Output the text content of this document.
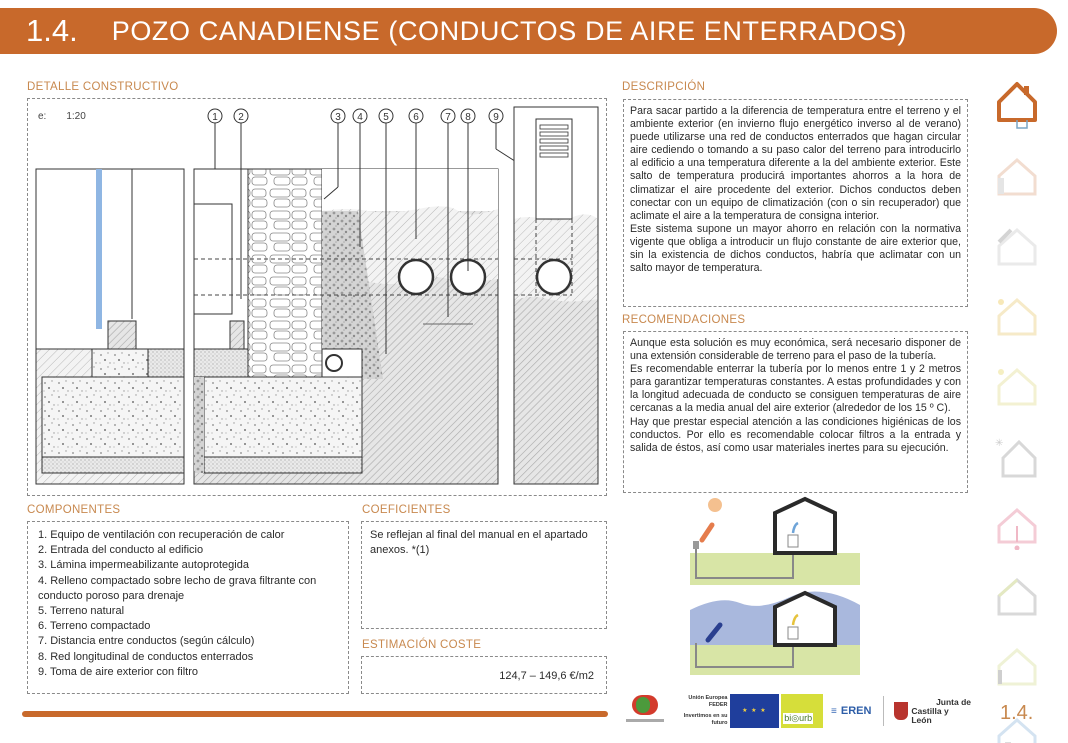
1.4. POZO CANADIENSE (CONDUCTOS DE AIRE ENTERRADOS)
DETALLE CONSTRUCTIVO
e: 1:20	1 2	3 4 5 6	7 8 9
DESCRIPCIÓN

Para sacar partido a la diferencia de temperatura entre el terreno y el ambiente exterior (en invierno flujo energético inverso al de verano) puede utilizarse una red de conductos enterrados que hagan circular aire cediendo o tomando a su paso calor del terreno para introducirlo al edificio a una temperatura diferente a la del ambiente exterior. Este salto de temperatura producirá importantes ahorros a la hora de climatizar el aire procedente del exterior. Dichos conductos deben conectar con un equipo de climatización (con o sin recuperador) que aclimate el aire a la temperatura de consigna interior.

Este sistema supone un mayor ahorro en relación con la normativa vigente que obliga a introducir un flujo constante de aire exterior que, sin la existencia de dichos conductos, habría que aclimatar con un salto mayor de temperatura.

RECOMENDACIONES

Aunque esta solución es muy económica, será necesario disponer de una extensión considerable de terreno para el paso de la tubería.

Es recomendable enterrar la tubería por lo menos entre 1 y 2 metros para garantizar temperaturas constantes. A estas profundidades y con la longitud adecuada de conducto se consiguen temperaturas de aire cercanas a la media anual del aire exterior (alrededor de los 15 º C).

Hay que prestar especial atención a las condiciones higiénicas de los conductos. Por ello es recomendable colocar filtros a la entrada y salida de éstos, así como usar materiales inertes para su ejecución.

COMPONENTES
1. Equipo de ventilación con recuperación de calor
2. Entrada del conducto al edificio
3. Lámina impermeabilizante autoprotegida
4. Relleno compactado sobre lecho de grava filtrante con conducto poroso para drenaje
5. Terreno natural
6. Terreno compactado
7. Distancia entre conductos (según cálculo)
8. Red longitudinal de conductos enterrados
9. Toma de aire exterior con filtro
COEFICIENTES

Se reflejan al final del manual en el apartado anexos. *(1)

ESTIMACIÓN COSTE
124,7 – 149,6 €/m2
Unión Europea
FEDER
Invertimos en su futuro
★ ★ ★
bi◎urb
≡ EREN
Junta de
Castilla y León

✳

1.4.
